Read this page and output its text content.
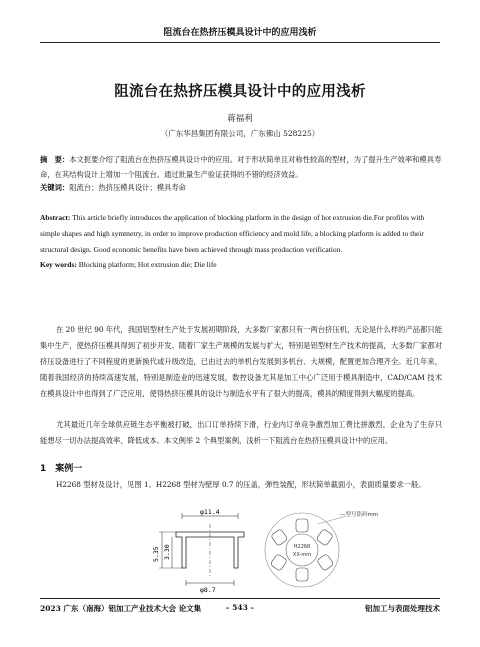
阻流台在热挤压模具设计中的应用浅析
阻流台在热挤压模具设计中的应用浅析
蒋福利
（广东华昌集团有限公司，广东佛山 528225）
摘　要：本文扼要介绍了阻流台在热挤压模具设计中的应用。对于形状简单且对称性较高的型材，为了提升生产效率和模具寿命，在其结构设计上增加一个阻流台。通过批量生产验证获得的不错的经济效益。
关键词：阻流台；热挤压模具设计；模具寿命
Abstract: This article briefly introduces the application of blocking platform in the design of hot extrusion die.For profiles with simple shapes and high symmetry, in order to improve production efficiency and mold life, a blocking platform is added to their structural design. Good economic benefits have been achieved through mass production verification.
Key words: Blocking platform; Hot extrusion die; Die life
在 20 世纪 90 年代，我国铝型材生产处于发展初期阶段，大多数厂家都只有一两台挤压机，无论是什么样的产品都只能集中生产，使热挤压模具得到了初步开发。随着厂家生产规模的发展与扩大，特别是铝型材生产技术的提高，大多数厂家都对挤压设备进行了不同程度的更新换代或升级改造，已由过去的单机台发展到多机台、大规模，配置更加合理齐全。近几年来，随着我国经济的持续高速发展，特别是制造业的迅速发展，数控设备尤其是加工中心广泛用于模具制造中，CAD/CAM 技术在模具设计中也得到了广泛应用，使得热挤压模具的设计与制造水平有了很大的提高，模具的精度得到大幅度的提高。
尤其最近几年全球供应链生态平衡被打破，出口订单持续下滑，行业内订单竞争激烈加工费比拼激烈，企业为了生存只能想尽一切办法提高效率、降低成本。本文例举 2 个典型案例，浅析一下阻流台在热挤压模具设计中的应用。
1　案例一
H2268 型材及设计，见图 1。H2268 型材为壁厚 0.7 的压盖，弹性装配，形状简单截面小，表面质量要求一般。
φ11.4
5.35 3.30
φ8.7
—型号铭码mm
H2268
XX-mm
2023 广东（南海）铝加工产业技术大会 论文集	– 543 –	铝加工与表面处理技术
